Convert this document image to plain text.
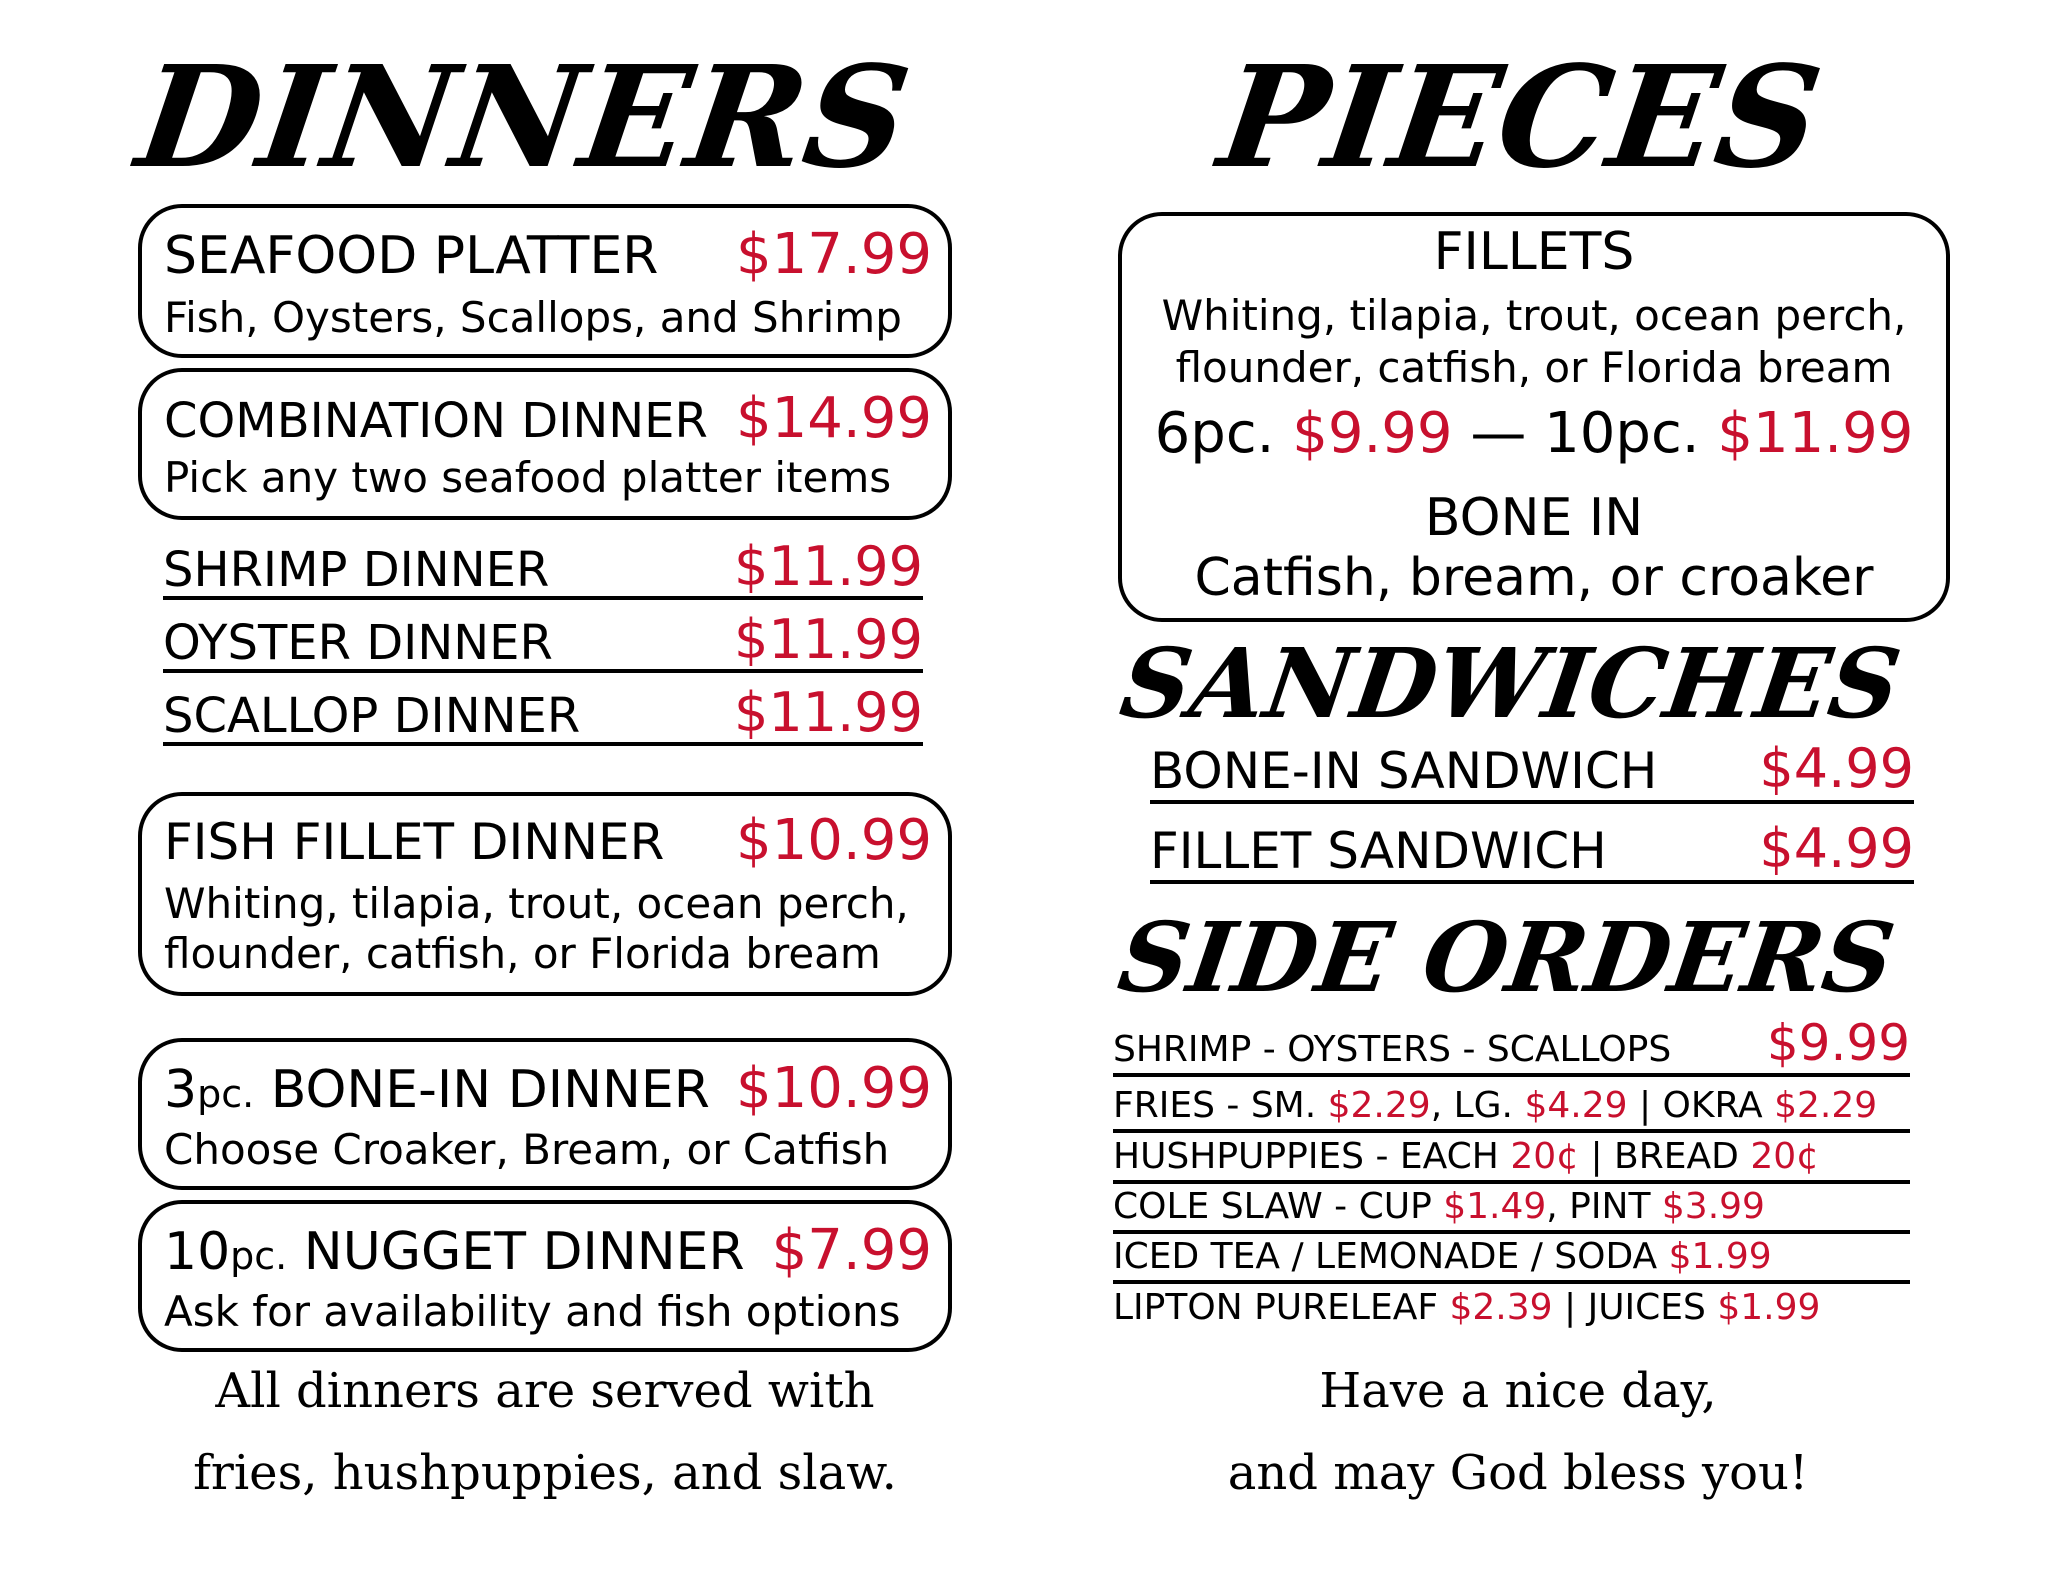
DINNERS
SEAFOOD PLATTER $17.99
Fish, Oysters, Scallops, and Shrimp
COMBINATION DINNER $14.99
Pick any two seafood platter items
SHRIMP DINNER	$11.99
OYSTER DINNER	$11.99
SCALLOP DINNER	$11.99
FISH FILLET DINNER $10.99
Whiting, tilapia, trout, ocean perch,
flounder, catfish, or Florida bream
3pc. BONE-IN DINNER $10.99
Choose Croaker, Bream, or Catfish
10pc. NUGGET DINNER $7.99
Ask for availability and fish options

All dinners are served with
fries, hushpuppies, and slaw.

PIECES
FILLETS
Whiting, tilapia, trout, ocean perch,
flounder, catfish, or Florida bream
6pc. $9.99 — 10pc. $11.99
BONE IN
Catfish, bream, or croaker
SANDWICHES
BONE-IN SANDWICH $4.99
FILLET SANDWICH	$4.99
SIDE ORDERS
SHRIMP - OYSTERS - SCALLOPS $9.99
FRIES - SM. $2.29, LG. $4.29 | OKRA $2.29
HUSHPUPPIES - EACH 20¢ | BREAD 20¢
COLE SLAW - CUP $1.49, PINT $3.99
ICED TEA / LEMONADE / SODA $1.99
LIPTON PURELEAF $2.39 | JUICES $1.99

Have a nice day,
and may God bless you!
